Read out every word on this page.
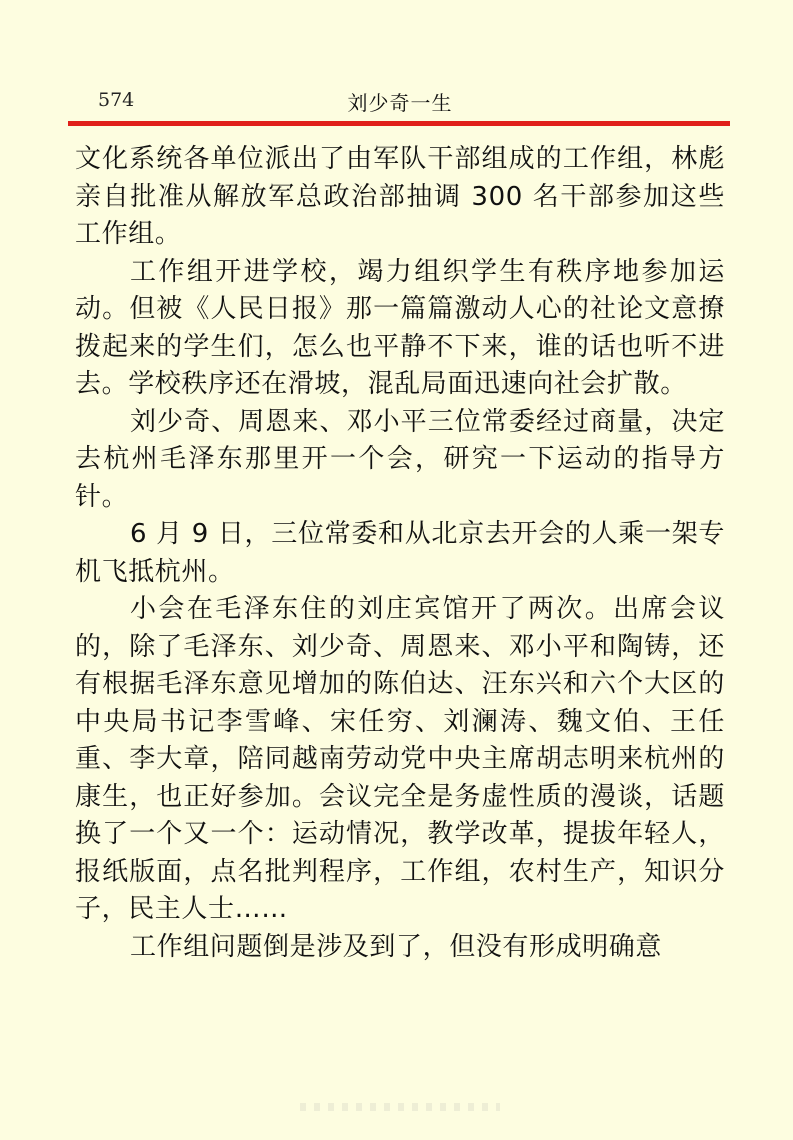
574	刘少奇一生

文化系统各单位派出了由军队干部组成的工作组，林彪亲自批准从解放军总政治部抽调 300 名干部参加这些工作组。

工作组开进学校，竭力组织学生有秩序地参加运动。但被《人民日报》那一篇篇激动人心的社论文意撩拨起来的学生们，怎么也平静不下来，谁的话也听不进去。学校秩序还在滑坡，混乱局面迅速向社会扩散。

刘少奇、周恩来、邓小平三位常委经过商量，决定去杭州毛泽东那里开一个会，研究一下运动的指导方针。

6 月 9 日，三位常委和从北京去开会的人乘一架专机飞抵杭州。

小会在毛泽东住的刘庄宾馆开了两次。出席会议的，除了毛泽东、刘少奇、周恩来、邓小平和陶铸，还有根据毛泽东意见增加的陈伯达、汪东兴和六个大区的中央局书记李雪峰、宋任穷、刘澜涛、魏文伯、王任重、李大章，陪同越南劳动党中央主席胡志明来杭州的康生，也正好参加。会议完全是务虚性质的漫谈，话题换了一个又一个：运动情况，教学改革，提拔年轻人，报纸版面，点名批判程序，工作组，农村生产，知识分子，民主人士……

工作组问题倒是涉及到了，但没有形成明确意
